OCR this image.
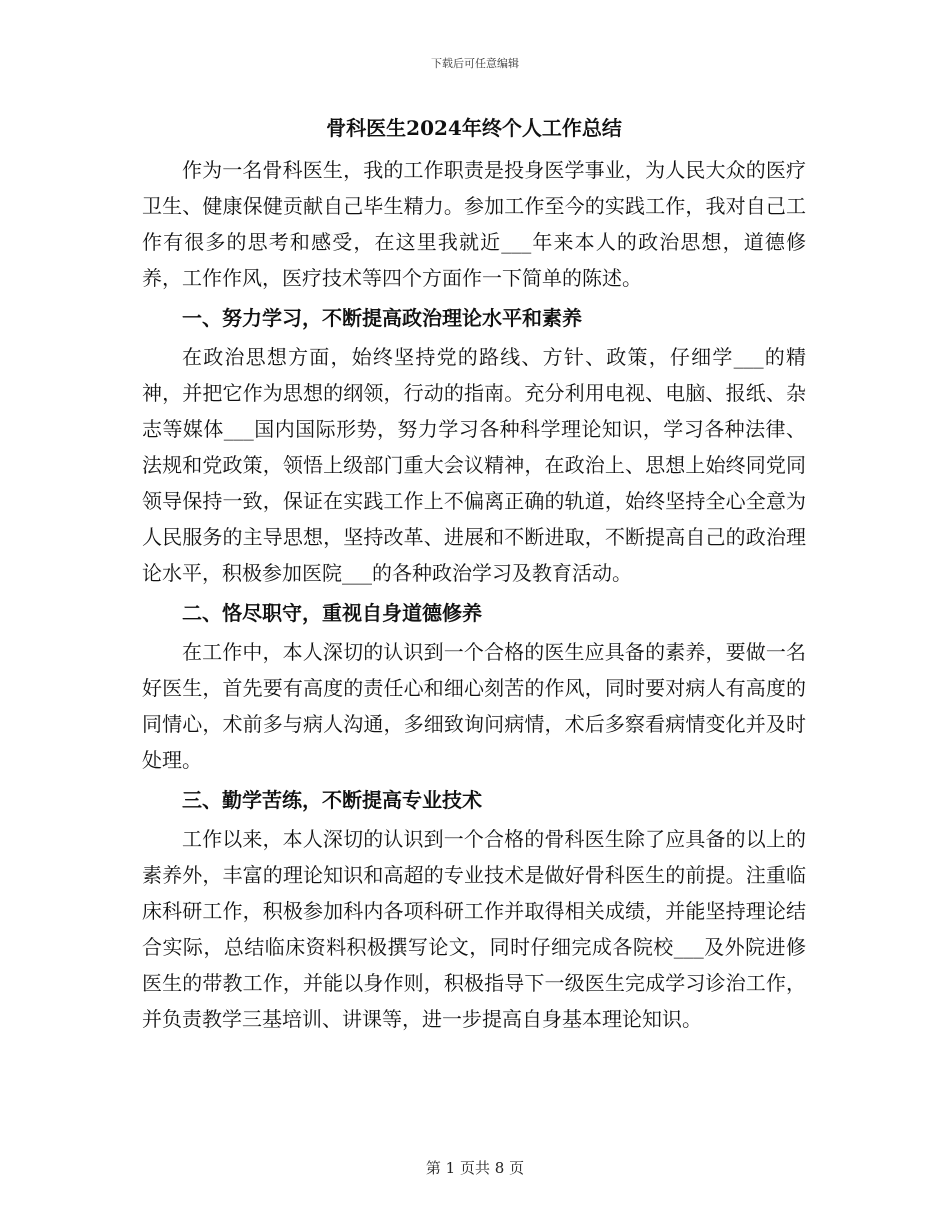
下载后可任意编辑
骨科医生2024年终个人工作总结

作为一名骨科医生，我的工作职责是投身医学事业，为人民大众的医疗卫生、健康保健贡献自己毕生精力。参加工作至今的实践工作，我对自己工作有很多的思考和感受，在这里我就近___年来本人的政治思想，道德修养，工作作风，医疗技术等四个方面作一下简单的陈述。

一、努力学习，不断提高政治理论水平和素养

在政治思想方面，始终坚持党的路线、方针、政策，仔细学___的精神，并把它作为思想的纲领，行动的指南。充分利用电视、电脑、报纸、杂志等媒体___国内国际形势，努力学习各种科学理论知识，学习各种法律、法规和党政策，领悟上级部门重大会议精神，在政治上、思想上始终同党同领导保持一致，保证在实践工作上不偏离正确的轨道，始终坚持全心全意为人民服务的主导思想，坚持改革、进展和不断进取，不断提高自己的政治理论水平，积极参加医院___的各种政治学习及教育活动。

二、恪尽职守，重视自身道德修养

在工作中，本人深切的认识到一个合格的医生应具备的素养，要做一名好医生，首先要有高度的责任心和细心刻苦的作风，同时要对病人有高度的同情心，术前多与病人沟通，多细致询问病情，术后多察看病情变化并及时处理。

三、勤学苦练，不断提高专业技术

工作以来，本人深切的认识到一个合格的骨科医生除了应具备的以上的素养外，丰富的理论知识和高超的专业技术是做好骨科医生的前提。注重临床科研工作，积极参加科内各项科研工作并取得相关成绩，并能坚持理论结合实际，总结临床资料积极撰写论文，同时仔细完成各院校___及外院进修医生的带教工作，并能以身作则，积极指导下一级医生完成学习诊治工作，并负责教学三基培训、讲课等，进一步提高自身基本理论知识。

第 1 页共 8 页
